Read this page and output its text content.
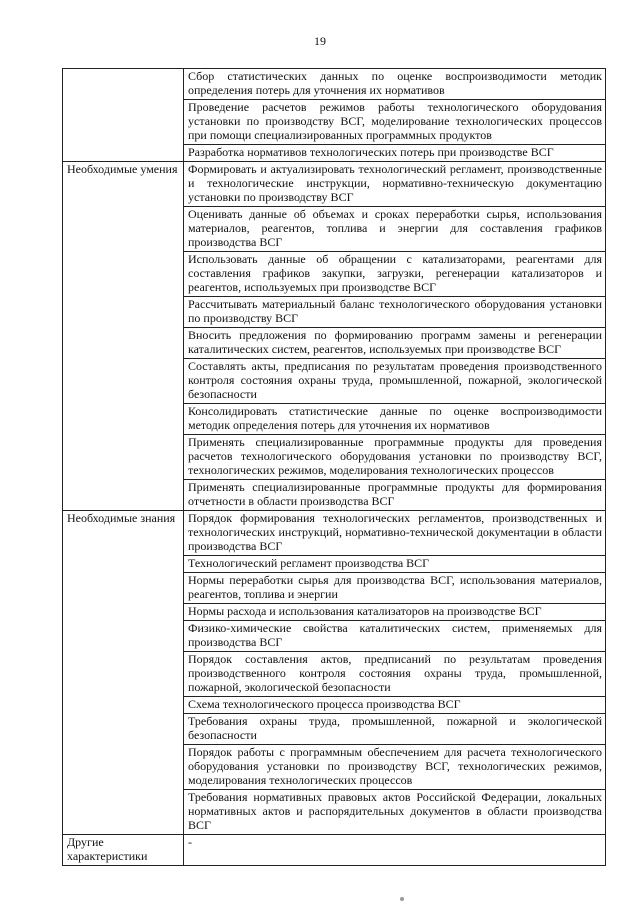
19
	Сбор статистических данных по оценке воспроизводимости методик определения потерь для уточнения их нормативов
	Проведение расчетов режимов работы технологического оборудования установки по производству ВСГ, моделирование технологических процессов при помощи специализированных программных продуктов
	Разработка нормативов технологических потерь при производстве ВСГ
Необходимые умения	Формировать и актуализировать технологический регламент, производственные и технологические инструкции, нормативно-техническую документацию установки по производству ВСГ
	Оценивать данные об объемах и сроках переработки сырья, использования материалов, реагентов, топлива и энергии для составления графиков производства ВСГ
	Использовать данные об обращении с катализаторами, реагентами для составления графиков закупки, загрузки, регенерации катализаторов и реагентов, используемых при производстве ВСГ
	Рассчитывать материальный баланс технологического оборудования установки по производству ВСГ
	Вносить предложения по формированию программ замены и регенерации каталитических систем, реагентов, используемых при производстве ВСГ
	Составлять акты, предписания по результатам проведения производственного контроля состояния охраны труда, промышленной, пожарной, экологической безопасности
	Консолидировать статистические данные по оценке воспроизводимости методик определения потерь для уточнения их нормативов
	Применять специализированные программные продукты для проведения расчетов технологического оборудования установки по производству ВСГ, технологических режимов, моделирования технологических процессов
	Применять специализированные программные продукты для формирования отчетности в области производства ВСГ
Необходимые знания	Порядок формирования технологических регламентов, производственных и технологических инструкций, нормативно-технической документации в области производства ВСГ
	Технологический регламент производства ВСГ
	Нормы переработки сырья для производства ВСГ, использования материалов, реагентов, топлива и энергии
	Нормы расхода и использования катализаторов на производстве ВСГ
	Физико-химические свойства каталитических систем, применяемых для производства ВСГ
	Порядок составления актов, предписаний по результатам проведения производственного контроля состояния охраны труда, промышленной, пожарной, экологической безопасности
	Схема технологического процесса производства ВСГ
	Требования охраны труда, промышленной, пожарной и экологической безопасности
	Порядок работы с программным обеспечением для расчета технологического оборудования установки по производству ВСГ, технологических режимов, моделирования технологических процессов
	Требования нормативных правовых актов Российской Федерации, локальных нормативных актов и распорядительных документов в области производства ВСГ
Другие характеристики	-
